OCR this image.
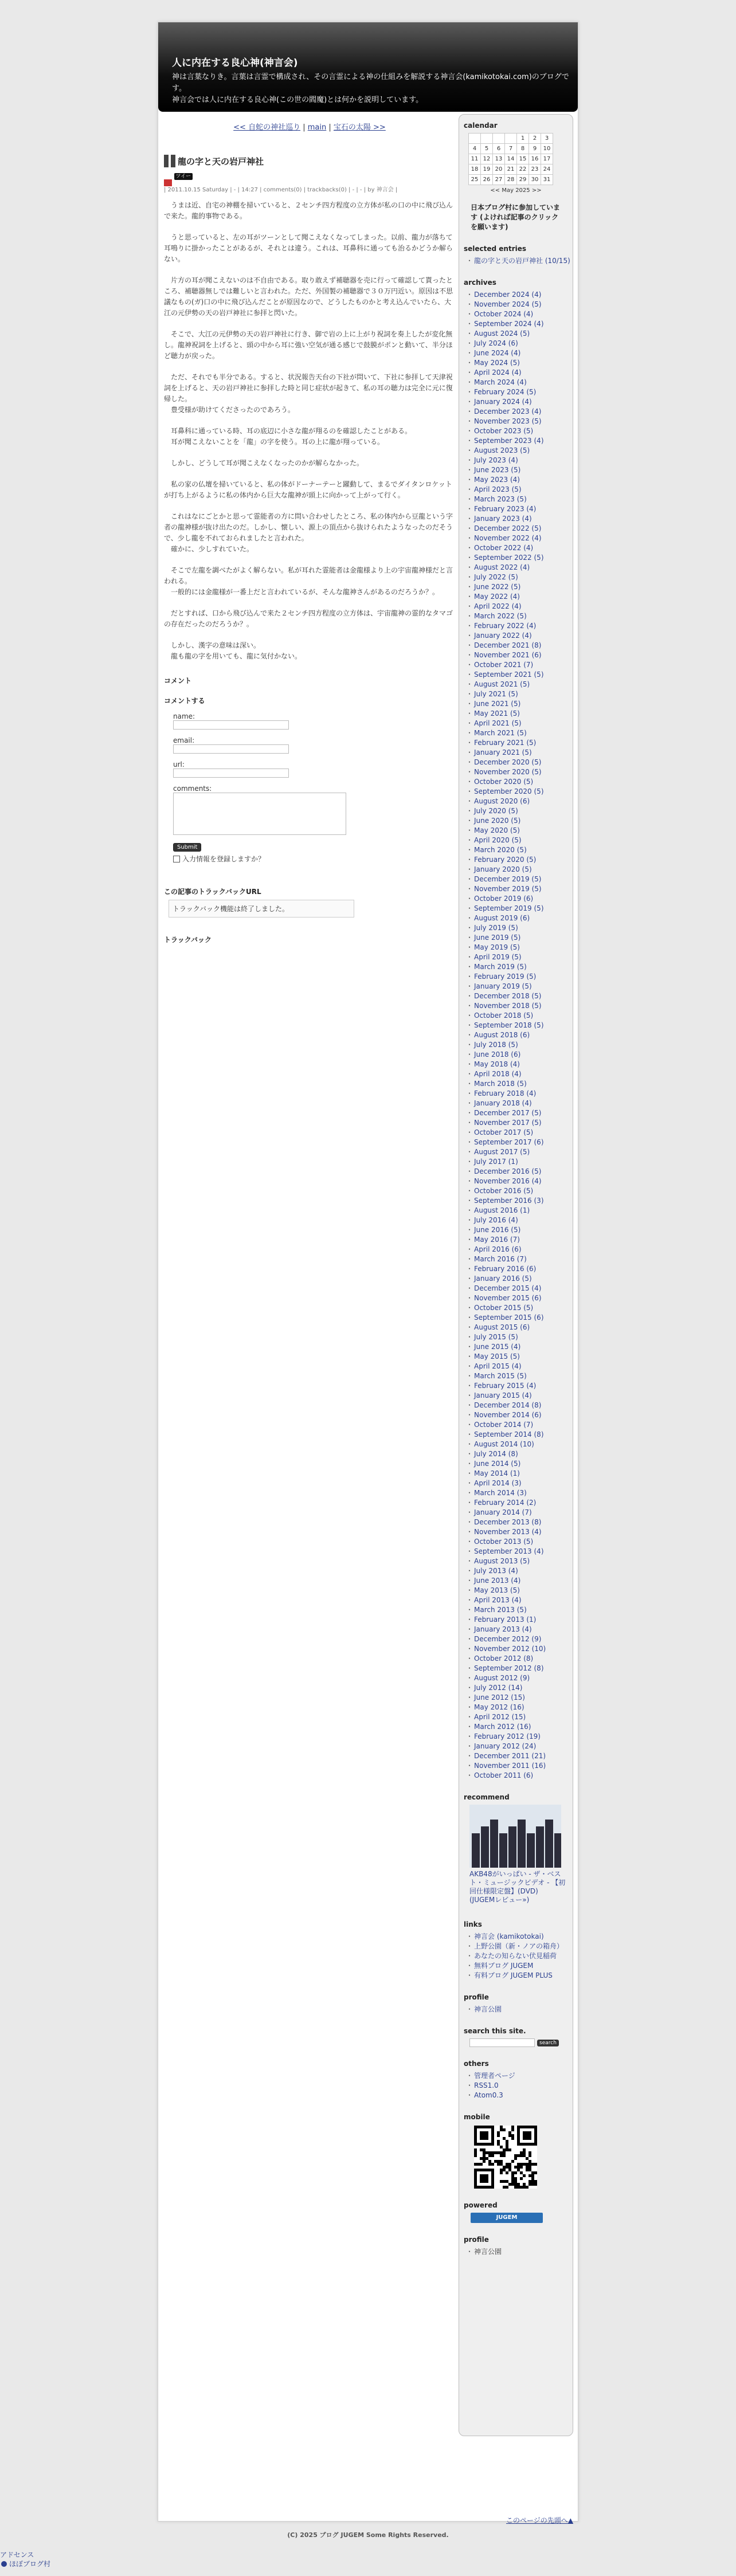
人に内在する良心神(神言会)
神は言葉なりき。言葉は言霊で構成され、その言霊による神の仕組みを解説する神言会(kamikotokai.com)のブログです。
神言会では人に内在する良心神(この世の閻魔)とは何かを説明しています。
<< 自蛇の神社巡り | main | 宝石の太陽 >>
龍の字と天の岩戸神社
ツイート
| 2011.10.15 Saturday | - | 14:27 | comments(0) | trackbacks(0) | - | - | by 神言会 |

　うまは近、自宅の神棚を掃いていると、２センチ四方程度の立方体が私の口の中に飛び込んで来た。龍的事物である。

　うと思っていると、左の耳がツーンとして聞こえなくなってしまった。以前、龍力が落ちて耳鳴りに掛かったことがあるが、それとは違う。これは、耳鼻科に通っても治るかどうか解らない。

　片方の耳が聞こえないのは不自由である。取り敢えず補聴器を売に行って確認して貰ったところ、補聴器無しでは難しいと言われた。ただ、外国製の補聴器で３０万円近い。原因は不思議なもの(ガ)口の中に飛び込んだことが原因なので、どうしたものかと考え込んでいたら、大江の元伊勢の天の岩戸神社に参拝と閃いた。

　そこで、大江の元伊勢の天の岩戸神社に行き、御で岩の上に上がり祝詞を奏上したが変化無し。龍神祝詞を上げると、頭の中から耳に強い空気が通る感じで鼓膜がポンと動いて、半分ほど聴力が戻った。

　ただ、それでも半分である。すると、状況報告天台の下社が問いて、下社に参拝して天津祝詞を上げると、天の岩戸神社に参拝した時と同じ症状が起きて、私の耳の聴力は完全に元に復帰した。
　豊受様が助けてくださったのであろう。

　耳鼻科に通っている時、耳の底辺に小さな龍が翔るのを確認したことがある。
　耳が聞こえないことを「龍」の字を使う。耳の上に龍が翔っている。

　しかし、どうして耳が聞こえなくなったのかが解らなかった。

　私の家の仏壇を掃いていると、私の体がドーナーテーと躍動して、まるでダイタンロケットが打ち上がるように私の体内から巨大な龍神が頭上に向かって上がって行く。

　これはなにごとかと思って霊能者の方に問い合わせしたところ、私の体内から豆龍という字者の龍神様が抜け出たのだ。しかし、懐しい、源上の頂点から抜けられたようなったのだそうで、少し龍を不れておられましたと言われた。
　確かに、少しすれていた。

　そこで左龍を調べたがよく解らない。私が耳れた霊能者は金龍様より上の宇宙龍神様だと言われる。
　一般的には金龍様が一番上だと言われているが、そんな龍神さんがあるのだろうか？。

　だとすれば、口から飛び込んで来た２センチ四方程度の立方体は、宇宙龍神の霊的なタマゴの存在だったのだろうか？。

　しかし、漢字の意味は深い。
　龍も龍の字を用いても、龍に気付かない。

コメント
コメントする
name:
email:
url:
comments:
Submit
入力情報を登録しますか？
この記事のトラックバックURL
トラックバック機能は終了しました。
トラックバック
calendar
				1	2	3
4	5	6	7	8	9	10
11	12	13	14	15	16	17
18	19	20	21	22	23	24
25	26	27	28	29	30	31
<< May 2025 >>
日本ブログ村に参加しています (よければ記事のクリックを願います)
selected entries
・ 龍の字と天の岩戸神社 (10/15)
archives
・ December 2024 (4)
・ November 2024 (5)
・ October 2024 (4)
・ September 2024 (4)
・ August 2024 (5)
・ July 2024 (6)
・ June 2024 (4)
・ May 2024 (5)
・ April 2024 (4)
・ March 2024 (4)
・ February 2024 (5)
・ January 2024 (4)
・ December 2023 (4)
・ November 2023 (5)
・ October 2023 (5)
・ September 2023 (4)
・ August 2023 (5)
・ July 2023 (4)
・ June 2023 (5)
・ May 2023 (4)
・ April 2023 (5)
・ March 2023 (5)
・ February 2023 (4)
・ January 2023 (4)
・ December 2022 (5)
・ November 2022 (4)
・ October 2022 (4)
・ September 2022 (5)
・ August 2022 (4)
・ July 2022 (5)
・ June 2022 (5)
・ May 2022 (4)
・ April 2022 (4)
・ March 2022 (5)
・ February 2022 (4)
・ January 2022 (4)
・ December 2021 (8)
・ November 2021 (6)
・ October 2021 (7)
・ September 2021 (5)
・ August 2021 (5)
・ July 2021 (5)
・ June 2021 (5)
・ May 2021 (5)
・ April 2021 (5)
・ March 2021 (5)
・ February 2021 (5)
・ January 2021 (5)
・ December 2020 (5)
・ November 2020 (5)
・ October 2020 (5)
・ September 2020 (5)
・ August 2020 (6)
・ July 2020 (5)
・ June 2020 (5)
・ May 2020 (5)
・ April 2020 (5)
・ March 2020 (5)
・ February 2020 (5)
・ January 2020 (5)
・ December 2019 (5)
・ November 2019 (5)
・ October 2019 (6)
・ September 2019 (5)
・ August 2019 (6)
・ July 2019 (5)
・ June 2019 (5)
・ May 2019 (5)
・ April 2019 (5)
・ March 2019 (5)
・ February 2019 (5)
・ January 2019 (5)
・ December 2018 (5)
・ November 2018 (5)
・ October 2018 (5)
・ September 2018 (5)
・ August 2018 (6)
・ July 2018 (5)
・ June 2018 (6)
・ May 2018 (4)
・ April 2018 (4)
・ March 2018 (5)
・ February 2018 (4)
・ January 2018 (4)
・ December 2017 (5)
・ November 2017 (5)
・ October 2017 (5)
・ September 2017 (6)
・ August 2017 (5)
・ July 2017 (1)
・ December 2016 (5)
・ November 2016 (4)
・ October 2016 (5)
・ September 2016 (3)
・ August 2016 (1)
・ July 2016 (4)
・ June 2016 (5)
・ May 2016 (7)
・ April 2016 (6)
・ March 2016 (7)
・ February 2016 (6)
・ January 2016 (5)
・ December 2015 (4)
・ November 2015 (6)
・ October 2015 (5)
・ September 2015 (6)
・ August 2015 (6)
・ July 2015 (5)
・ June 2015 (4)
・ May 2015 (5)
・ April 2015 (4)
・ March 2015 (5)
・ February 2015 (4)
・ January 2015 (4)
・ December 2014 (8)
・ November 2014 (6)
・ October 2014 (7)
・ September 2014 (8)
・ August 2014 (10)
・ July 2014 (8)
・ June 2014 (5)
・ May 2014 (1)
・ April 2014 (3)
・ March 2014 (3)
・ February 2014 (2)
・ January 2014 (7)
・ December 2013 (8)
・ November 2013 (4)
・ October 2013 (5)
・ September 2013 (4)
・ August 2013 (5)
・ July 2013 (4)
・ June 2013 (4)
・ May 2013 (5)
・ April 2013 (4)
・ March 2013 (5)
・ February 2013 (1)
・ January 2013 (4)
・ December 2012 (9)
・ November 2012 (10)
・ October 2012 (8)
・ September 2012 (8)
・ August 2012 (9)
・ July 2012 (14)
・ June 2012 (15)
・ May 2012 (16)
・ April 2012 (15)
・ March 2012 (16)
・ February 2012 (19)
・ January 2012 (24)
・ December 2011 (21)
・ November 2011 (16)
・ October 2011 (6)
recommend
AKB48がいっぱい - ザ・ベスト・ミュージックビデオ - 【初回仕様限定盤】(DVD)　(JUGEMレビュー»)
links
・ 神言会 (kamikotokai)
・ 上野公園（新・ノアの箱舟）
・ あなたの知らない伏見稲荷
・ 無料ブログ JUGEM
・ 有料ブログ JUGEM PLUS
profile
・ 神言公園
search this site.
search
others
・ 管理者ページ
・ RSS1.0
・ Atom0.3
mobile
powered
JUGEM
profile
・ 神言公園
このページの先頭へ▲
(C) 2025 ブログ JUGEM Some Rights Reserved.
アドセンス
ほぼブログ村
